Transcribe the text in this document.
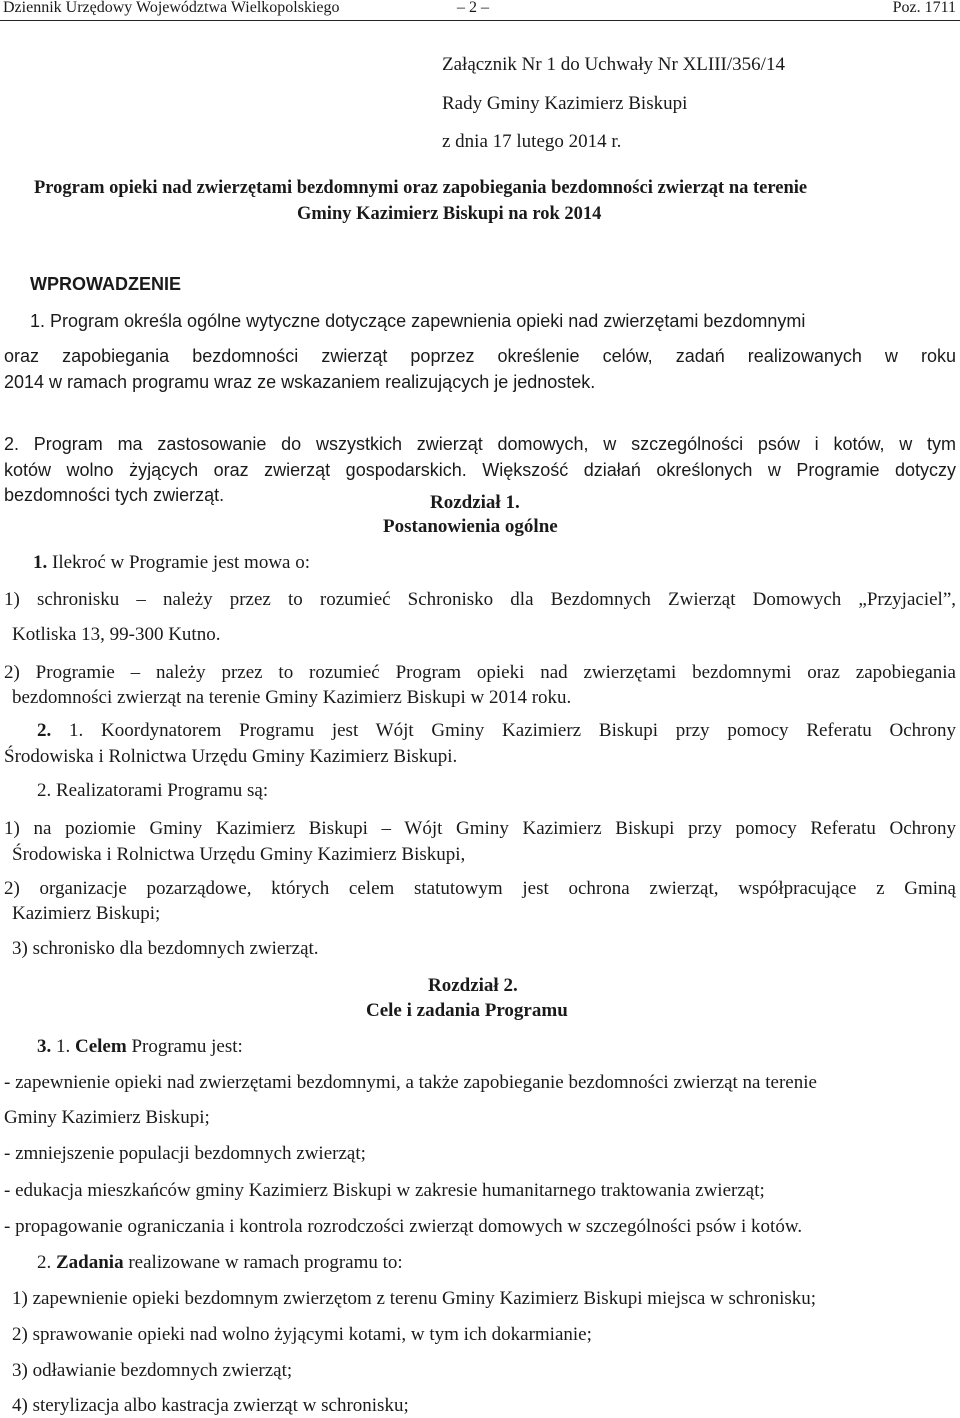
Dziennik Urzędowy Województwa Wielkopolskiego	– 2 –	Poz. 1711
Załącznik Nr 1 do Uchwały Nr XLIII/356/14
Rady Gminy Kazimierz Biskupi
z dnia 17 lutego 2014 r.
Program opieki nad zwierzętami bezdomnymi oraz zapobiegania bezdomności zwierząt na terenie
Gminy Kazimierz Biskupi na rok 2014
WPROWADZENIE
1. Program określa ogólne wytyczne dotyczące zapewnienia opieki nad zwierzętami bezdomnymi
oraz zapobiegania bezdomności zwierząt poprzez określenie celów, zadań realizowanych w roku
2014 w ramach programu wraz ze wskazaniem realizujących je jednostek.
2. Program ma zastosowanie do wszystkich zwierząt domowych, w szczególności psów i kotów, w tym
kotów wolno żyjących oraz zwierząt gospodarskich. Większość działań określonych w Programie dotyczy
bezdomności tych zwierząt.	Rozdział 1.
Postanowienia ogólne
1. Ilekroć w Programie jest mowa o:
1) schronisku – należy przez to rozumieć Schronisko dla Bezdomnych Zwierząt Domowych „Przyjaciel”,
Kotliska 13, 99-300 Kutno.
2) Programie – należy przez to rozumieć Program opieki nad zwierzętami bezdomnymi oraz zapobiegania
bezdomności zwierząt na terenie Gminy Kazimierz Biskupi w 2014 roku.
2. 1. Koordynatorem Programu jest Wójt Gminy Kazimierz Biskupi przy pomocy Referatu Ochrony
Środowiska i Rolnictwa Urzędu Gminy Kazimierz Biskupi.
2. Realizatorami Programu są:
1) na poziomie Gminy Kazimierz Biskupi – Wójt Gminy Kazimierz Biskupi przy pomocy Referatu Ochrony
Środowiska i Rolnictwa Urzędu Gminy Kazimierz Biskupi,
2) organizacje pozarządowe, których celem statutowym jest ochrona zwierząt, współpracujące z Gminą
Kazimierz Biskupi;
3) schronisko dla bezdomnych zwierząt.
Rozdział 2.
Cele i zadania Programu
3. 1. Celem Programu jest:
- zapewnienie opieki nad zwierzętami bezdomnymi, a także zapobieganie bezdomności zwierząt na terenie
Gminy Kazimierz Biskupi;
- zmniejszenie populacji bezdomnych zwierząt;
- edukacja mieszkańców gminy Kazimierz Biskupi w zakresie humanitarnego traktowania zwierząt;
- propagowanie ograniczania i kontrola rozrodczości zwierząt domowych w szczególności psów i kotów.
2. Zadania realizowane w ramach programu to:
1) zapewnienie opieki bezdomnym zwierzętom z terenu Gminy Kazimierz Biskupi miejsca w schronisku;
2) sprawowanie opieki nad wolno żyjącymi kotami, w tym ich dokarmianie;
3) odławianie bezdomnych zwierząt;
4) sterylizacja albo kastracja zwierząt w schronisku;
